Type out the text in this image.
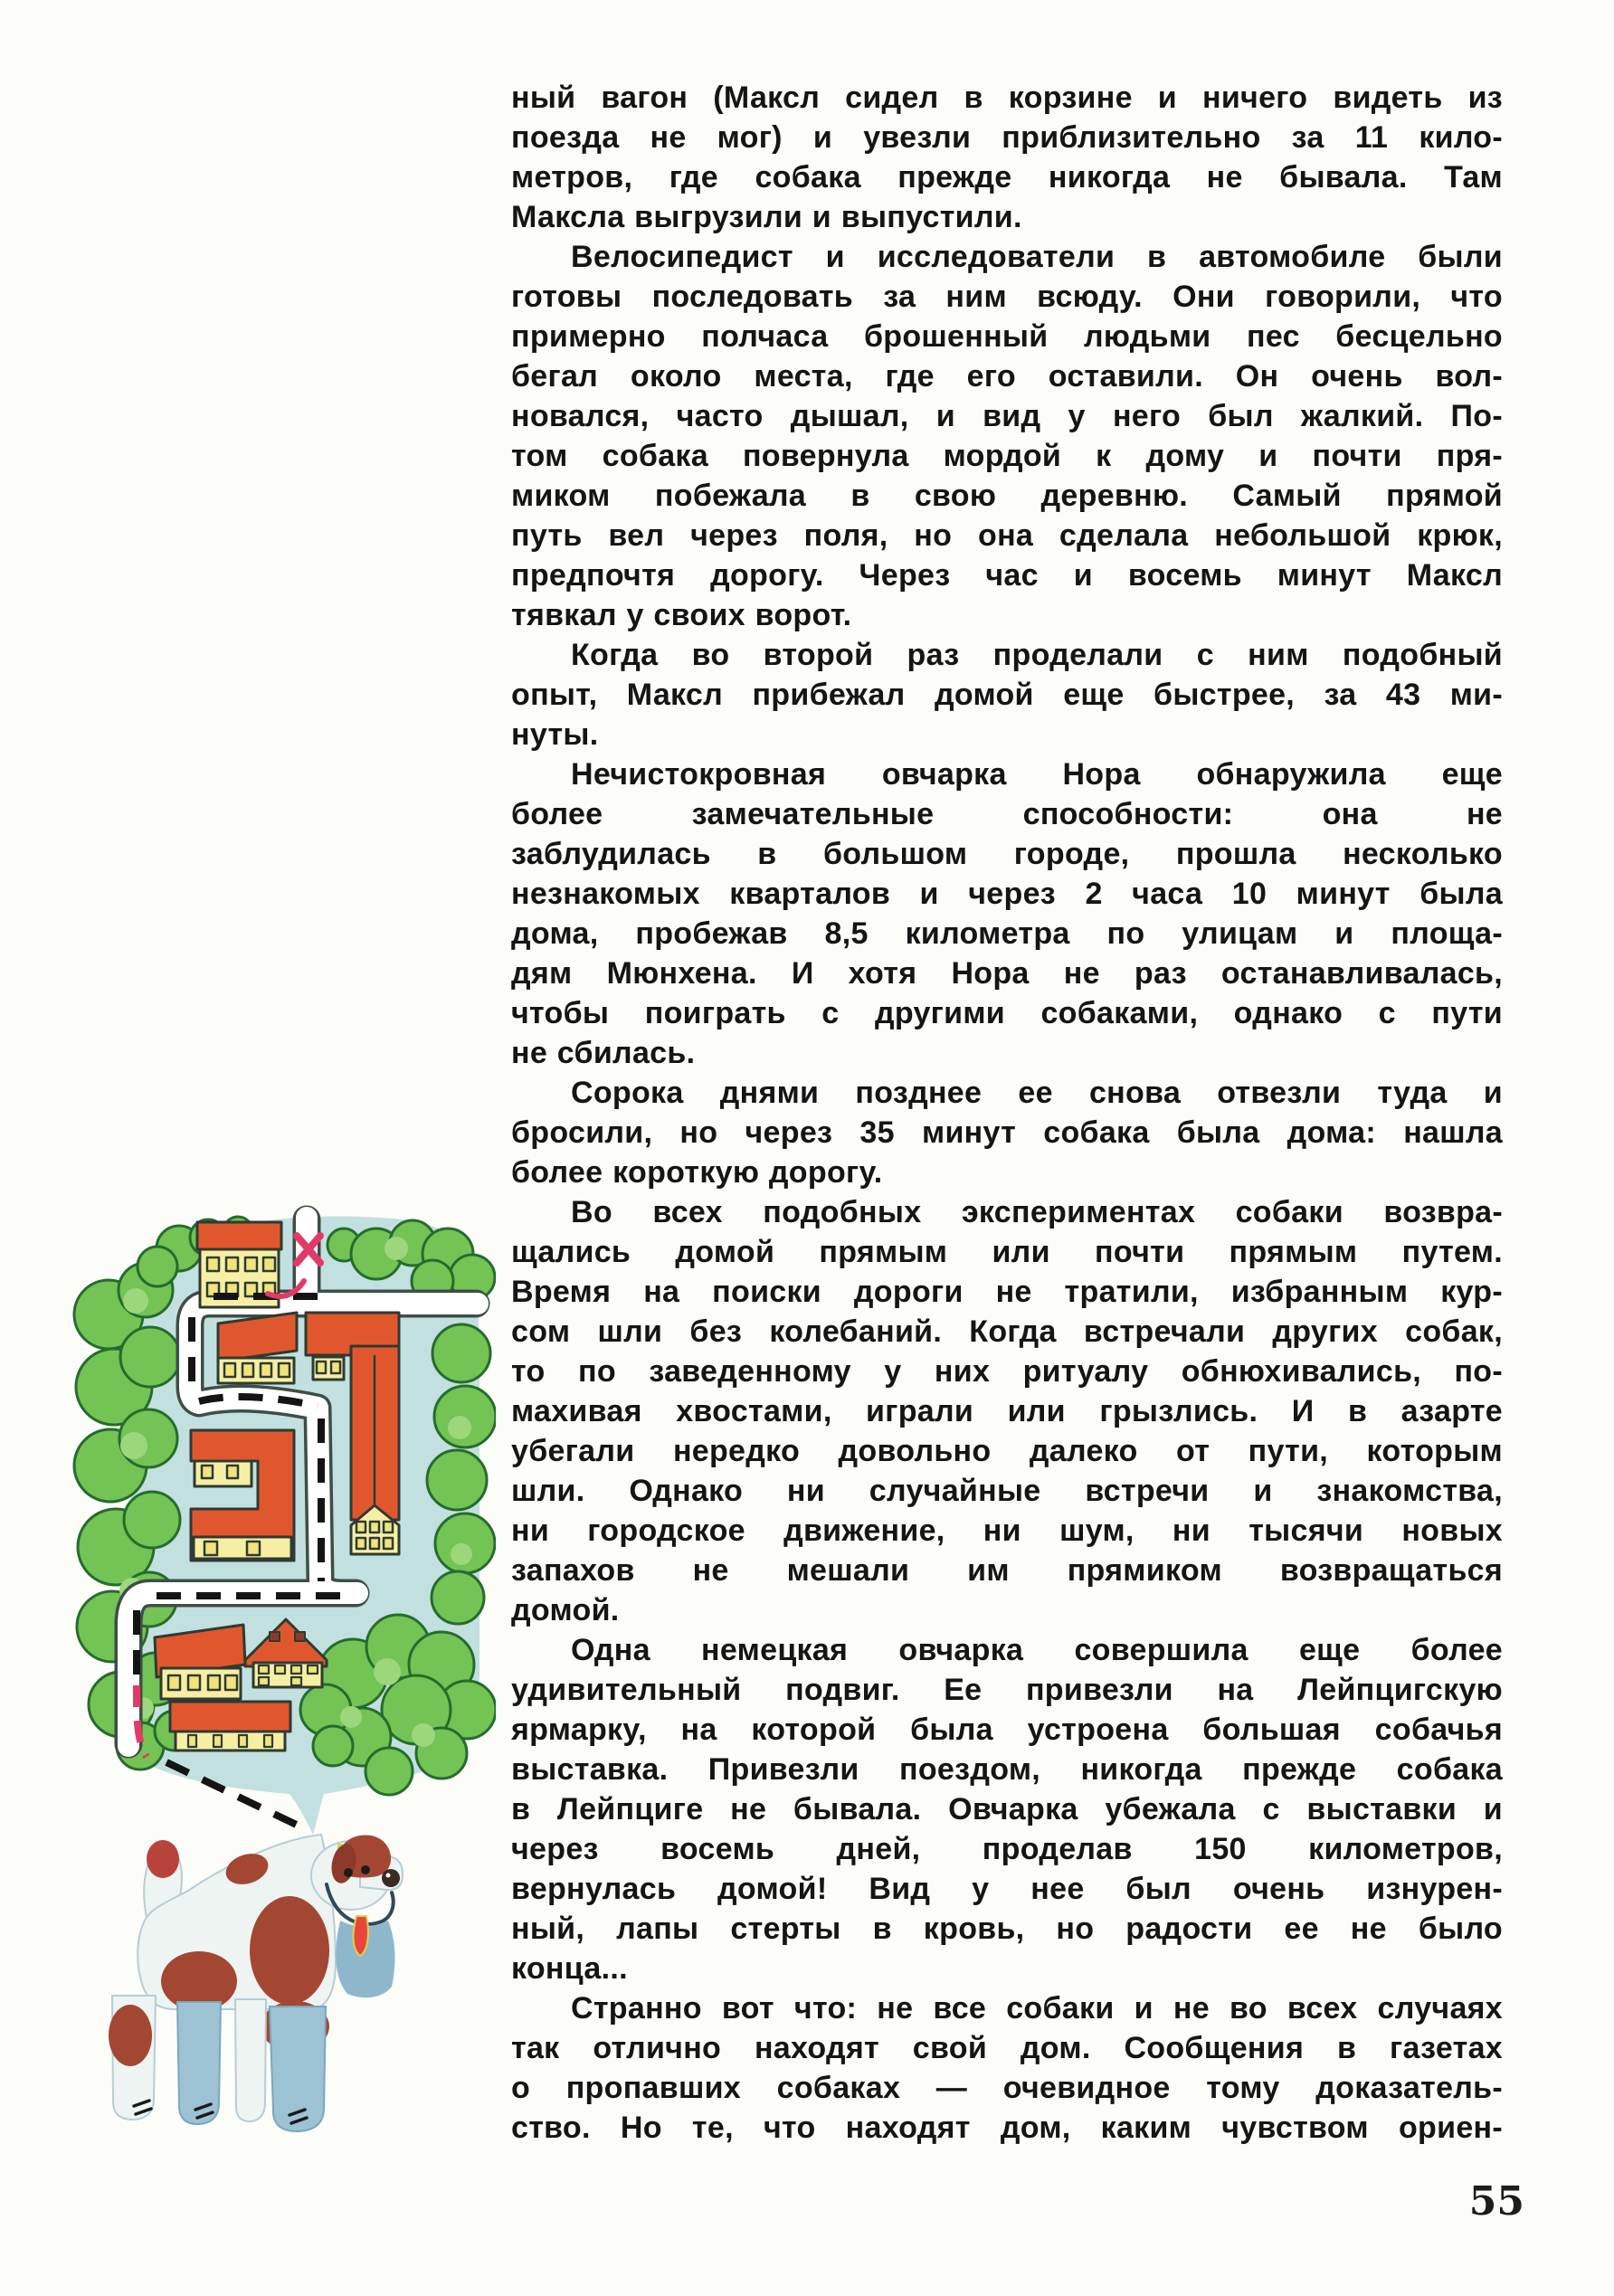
ный вагон (Максл сидел в корзине и ничего видеть из
поезда не мог) и увезли приблизительно за 11 кило-
метров, где собака прежде никогда не бывала. Там
Максла выгрузили и выпустили.
Велосипедист и исследователи в автомобиле были
готовы последовать за ним всюду. Они говорили, что
примерно полчаса брошенный людьми пес бесцельно
бегал около места, где его оставили. Он очень вол-
новался, часто дышал, и вид у него был жалкий. По-
том собака повернула мордой к дому и почти пря-
миком побежала в свою деревню. Самый прямой
путь вел через поля, но она сделала небольшой крюк,
предпочтя дорогу. Через час и восемь минут Максл
тявкал у своих ворот.
Когда во второй раз проделали с ним подобный
опыт, Максл прибежал домой еще быстрее, за 43 ми-
нуты.
Нечистокровная овчарка Нора обнаружила еще
более замечательные способности: она не
заблудилась в большом городе, прошла несколько
незнакомых кварталов и через 2 часа 10 минут была
дома, пробежав 8,5 километра по улицам и площа-
дям Мюнхена. И хотя Нора не раз останавливалась,
чтобы поиграть с другими собаками, однако с пути
не сбилась.
Сорока днями позднее ее снова отвезли туда и
бросили, но через 35 минут собака была дома: нашла
более короткую дорогу.
Во всех подобных экспериментах собаки возвра-
щались домой прямым или почти прямым путем.
Время на поиски дороги не тратили, избранным кур-
сом шли без колебаний. Когда встречали других собак,
то по заведенному у них ритуалу обнюхивались, по-
махивая хвостами, играли или грызлись. И в азарте
убегали нередко довольно далеко от пути, которым
шли. Однако ни случайные встречи и знакомства,
ни городское движение, ни шум, ни тысячи новых
запахов не мешали им прямиком возвращаться
домой.
Одна немецкая овчарка совершила еще более
удивительный подвиг. Ее привезли на Лейпцигскую
ярмарку, на которой была устроена большая собачья
выставка. Привезли поездом, никогда прежде собака
в Лейпциге не бывала. Овчарка убежала с выставки и
через восемь дней, проделав 150 километров,
вернулась домой! Вид у нее был очень изнурен-
ный, лапы стерты в кровь, но радости ее не было
конца...
Странно вот что: не все собаки и не во всех случаях
так отлично находят свой дом. Сообщения в газетах
о пропавших собаках — очевидное тому доказатель-
ство. Но те, что находят дом, каким чувством ориен-
55
